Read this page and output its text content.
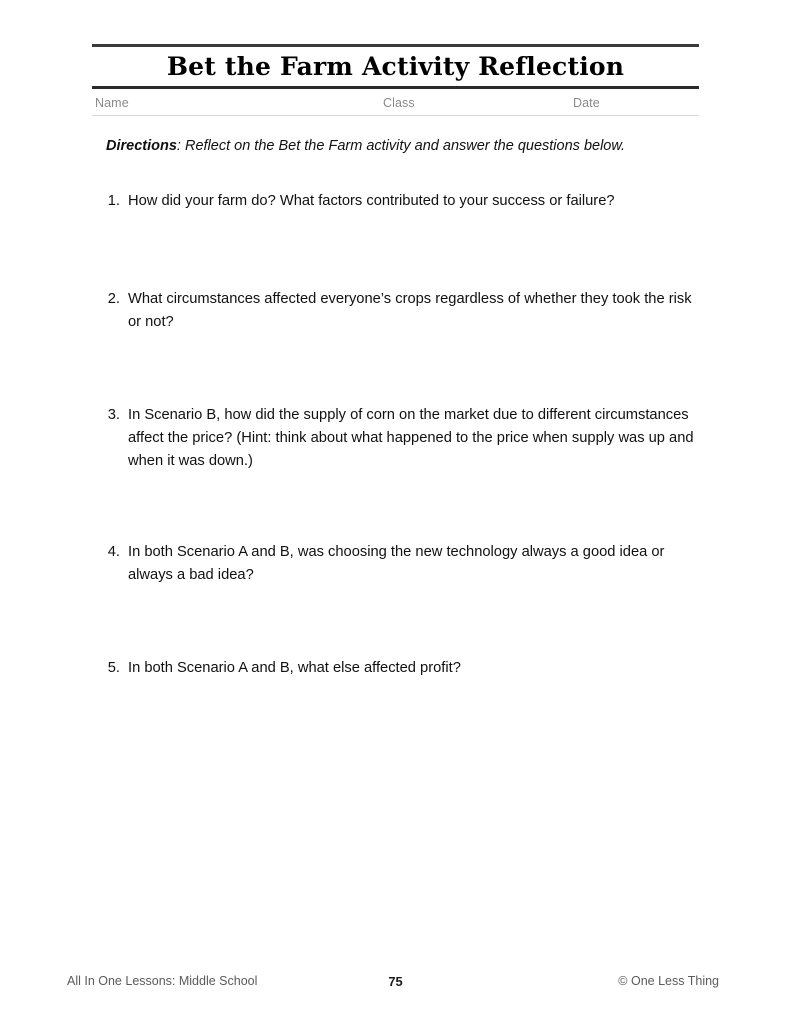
Bet the Farm Activity Reflection
Name	Class	Date
Directions: Reflect on the Bet the Farm activity and answer the questions below.
1. How did your farm do? What factors contributed to your success or failure?
2. What circumstances affected everyone’s crops regardless of whether they took the risk or not?
3. In Scenario B, how did the supply of corn on the market due to different circumstances affect the price? (Hint: think about what happened to the price when supply was up and when it was down.)
4. In both Scenario A and B, was choosing the new technology always a good idea or always a bad idea?
5. In both Scenario A and B, what else affected profit?
All In One Lessons: Middle School	75	© One Less Thing
